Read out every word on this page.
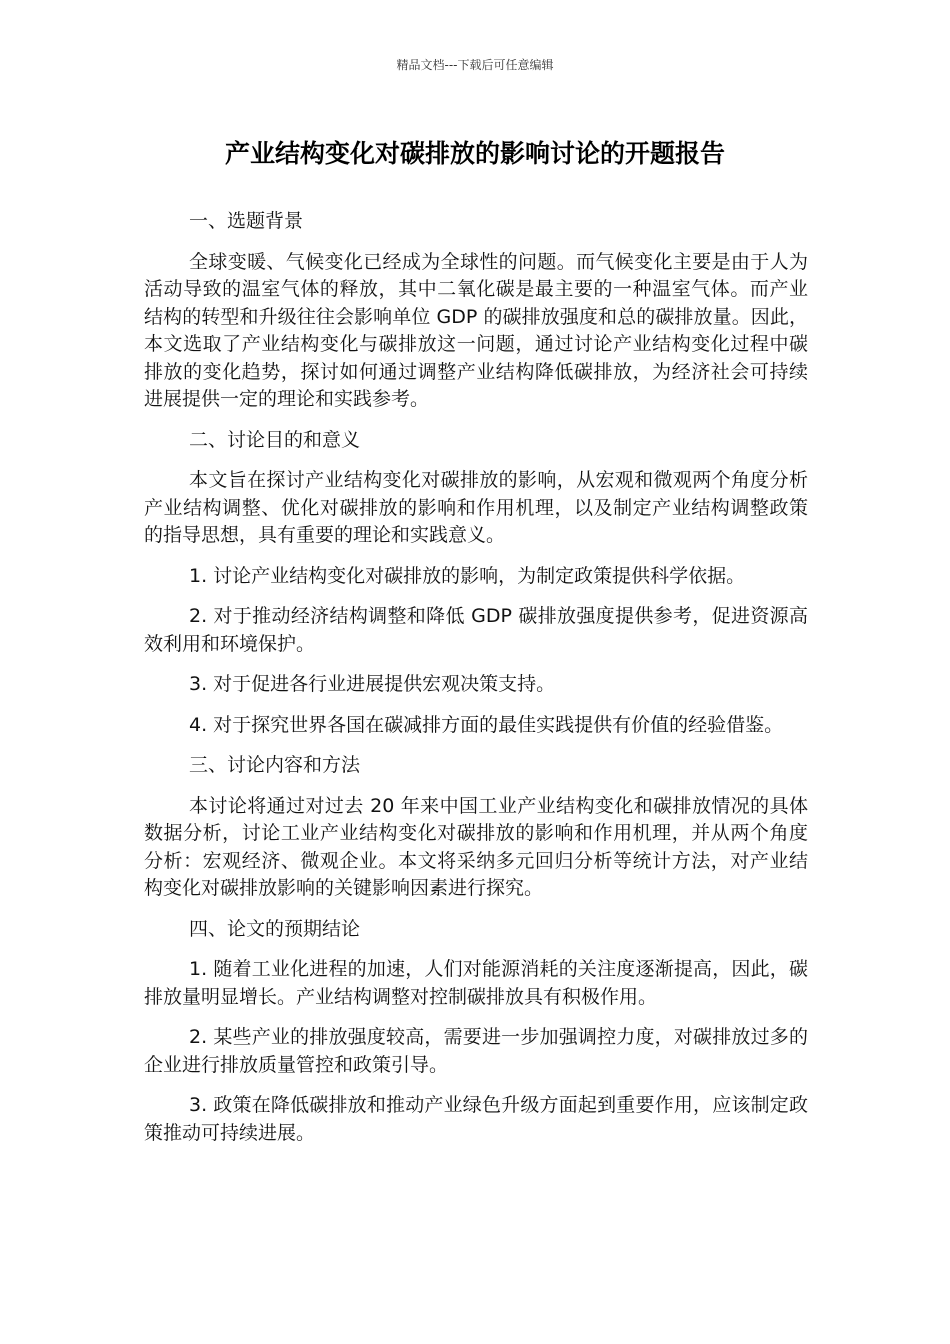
精品文档---下载后可任意编辑
产业结构变化对碳排放的影响讨论的开题报告

一、选题背景

全球变暖、气候变化已经成为全球性的问题。而气候变化主要是由于人为活动导致的温室气体的释放，其中二氧化碳是最主要的一种温室气体。而产业结构的转型和升级往往会影响单位 GDP 的碳排放强度和总的碳排放量。因此，本文选取了产业结构变化与碳排放这一问题，通过讨论产业结构变化过程中碳排放的变化趋势，探讨如何通过调整产业结构降低碳排放，为经济社会可持续进展提供一定的理论和实践参考。

二、讨论目的和意义

本文旨在探讨产业结构变化对碳排放的影响，从宏观和微观两个角度分析产业结构调整、优化对碳排放的影响和作用机理，以及制定产业结构调整政策的指导思想，具有重要的理论和实践意义。

1. 讨论产业结构变化对碳排放的影响，为制定政策提供科学依据。

2. 对于推动经济结构调整和降低 GDP 碳排放强度提供参考，促进资源高效利用和环境保护。

3. 对于促进各行业进展提供宏观决策支持。

4. 对于探究世界各国在碳减排方面的最佳实践提供有价值的经验借鉴。

三、讨论内容和方法

本讨论将通过对过去 20 年来中国工业产业结构变化和碳排放情况的具体数据分析，讨论工业产业结构变化对碳排放的影响和作用机理，并从两个角度分析：宏观经济、微观企业。本文将采纳多元回归分析等统计方法，对产业结构变化对碳排放影响的关键影响因素进行探究。

四、论文的预期结论

1. 随着工业化进程的加速，人们对能源消耗的关注度逐渐提高，因此，碳排放量明显增长。产业结构调整对控制碳排放具有积极作用。

2. 某些产业的排放强度较高，需要进一步加强调控力度，对碳排放过多的企业进行排放质量管控和政策引导。

3. 政策在降低碳排放和推动产业绿色升级方面起到重要作用，应该制定政策推动可持续进展。
